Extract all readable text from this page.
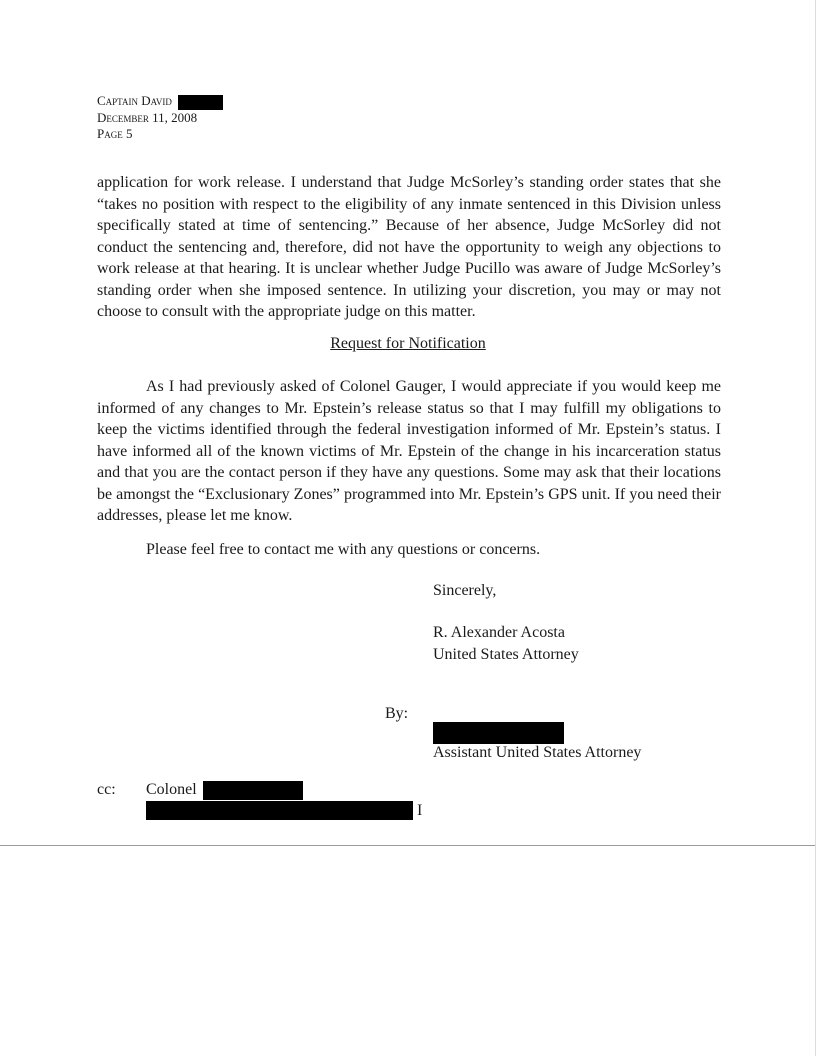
Captain David
December 11, 2008
Page 5
application for work release. I understand that Judge McSorley’s standing order states that she “takes no position with respect to the eligibility of any inmate sentenced in this Division unless specifically stated at time of sentencing.” Because of her absence, Judge McSorley did not conduct the sentencing and, therefore, did not have the opportunity to weigh any objections to work release at that hearing. It is unclear whether Judge Pucillo was aware of Judge McSorley’s standing order when she imposed sentence. In utilizing your discretion, you may or may not choose to consult with the appropriate judge on this matter.
Request for Notification
As I had previously asked of Colonel Gauger, I would appreciate if you would keep me informed of any changes to Mr. Epstein’s release status so that I may fulfill my obligations to keep the victims identified through the federal investigation informed of Mr. Epstein’s status. I have informed all of the known victims of Mr. Epstein of the change in his incarceration status and that you are the contact person if they have any questions. Some may ask that their locations be amongst the “Exclusionary Zones” programmed into Mr. Epstein’s GPS unit. If you need their addresses, please let me know.
Please feel free to contact me with any questions or concerns.
Sincerely,
R. Alexander Acosta
United States Attorney
By:
Assistant United States Attorney
cc: Colonel
I
